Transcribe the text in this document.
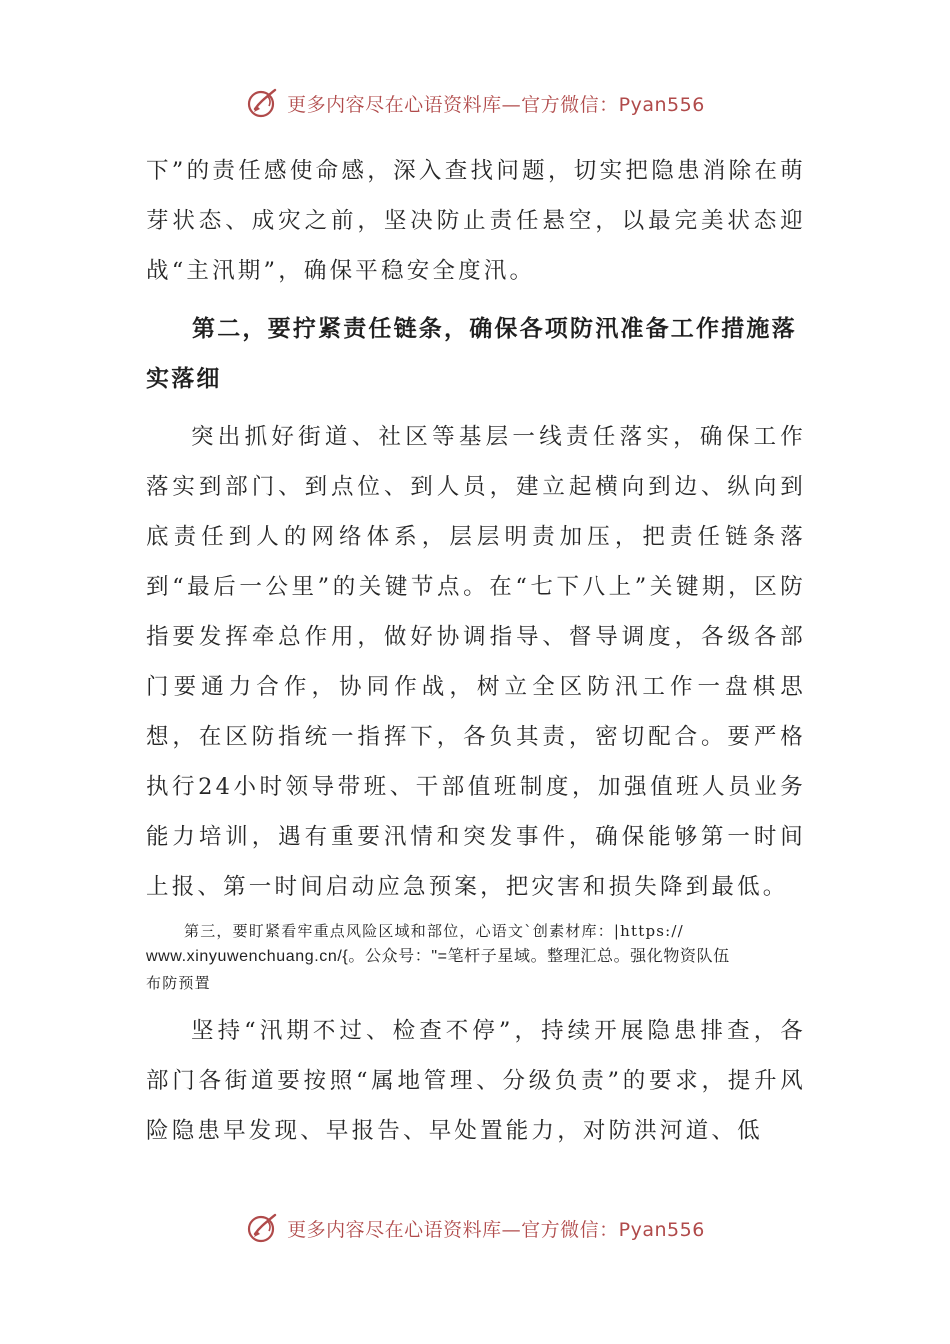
更多内容尽在心语资料库—官方微信：Pyan556

下”的责任感使命感，深入查找问题，切实把隐患消除在萌芽状态、成灾之前，坚决防止责任悬空，以最完美状态迎战“主汛期”，确保平稳安全度汛。

第二，要拧紧责任链条，确保各项防汛准备工作措施落实落细

突出抓好街道、社区等基层一线责任落实，确保工作落实到部门、到点位、到人员，建立起横向到边、纵向到底责任到人的网络体系，层层明责加压，把责任链条落到“最后一公里”的关键节点。在“七下八上”关键期，区防指要发挥牵总作用，做好协调指导、督导调度，各级各部门要通力合作，协同作战，树立全区防汛工作一盘棋思想，在区防指统一指挥下，各负其责，密切配合。要严格执行24小时领导带班、干部值班制度，加强值班人员业务能力培训，遇有重要汛情和突发事件，确保能够第一时间上报、第一时间启动应急预案，把灾害和损失降到最低。

第三，要盯紧看牢重点风险区域和部位，心语文`创素材库：|https://
www.xinyuwenchuang.cn/{。公众号："=笔杆子星域。整理汇总。强化物资队伍
布防预置

坚持“汛期不过、检查不停”，持续开展隐患排查，各部门各街道要按照“属地管理、分级负责”的要求，提升风险隐患早发现、早报告、早处置能力，对防洪河道、低

更多内容尽在心语资料库—官方微信：Pyan556
